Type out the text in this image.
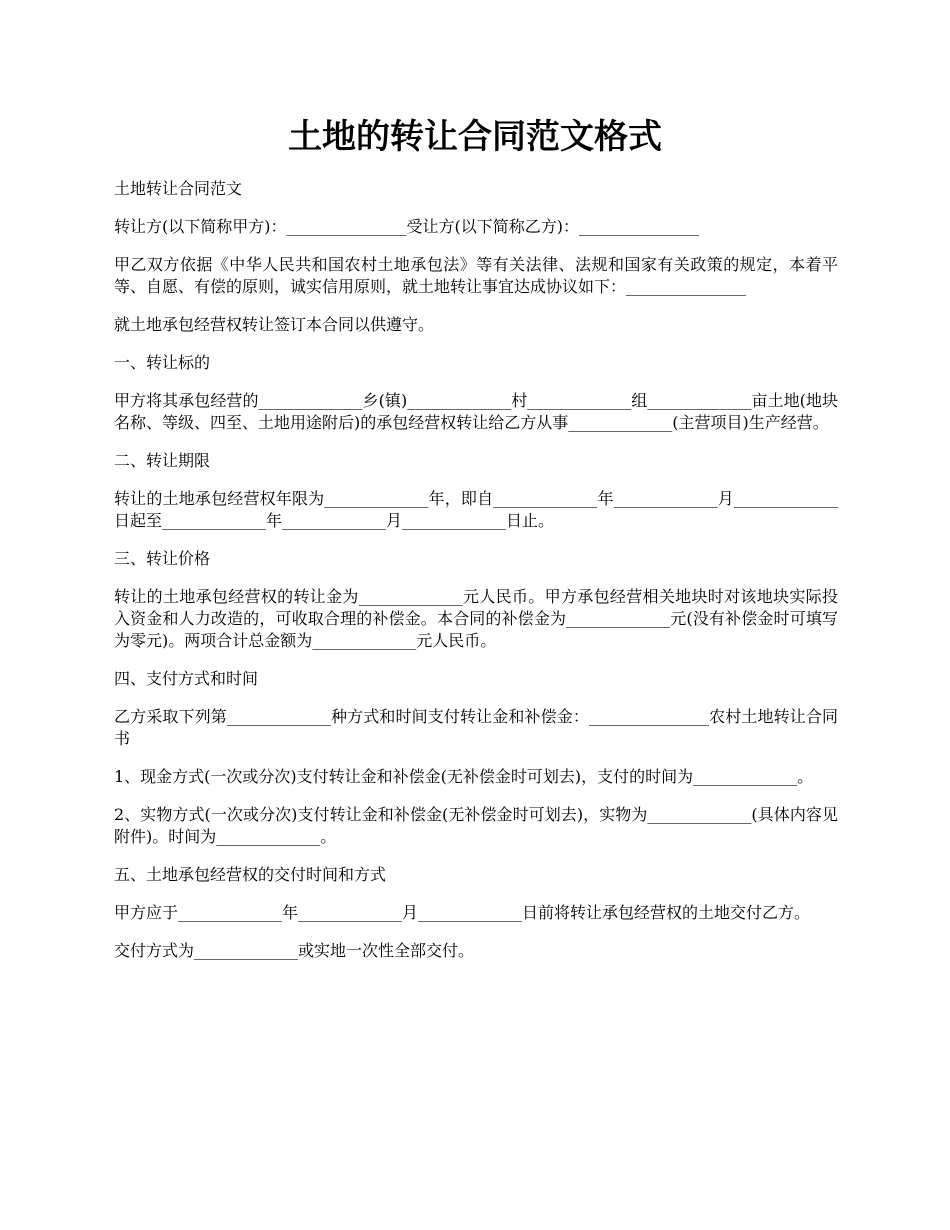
土地的转让合同范文格式

土地转让合同范文

转让方(以下简称甲方)：_______________受让方(以下简称乙方)：_______________

甲乙双方依据《中华人民共和国农村土地承包法》等有关法律、法规和国家有关政策的规定，本着平等、自愿、有偿的原则，诚实信用原则，就土地转让事宜达成协议如下：_______________

就土地承包经营权转让签订本合同以供遵守。

一、转让标的

甲方将其承包经营的_____________乡(镇)_____________村_____________组_____________亩土地(地块名称、等级、四至、土地用途附后)的承包经营权转让给乙方从事_____________(主营项目)生产经营。

二、转让期限

转让的土地承包经营权年限为_____________年，即自_____________年_____________月_____________日起至_____________年_____________月_____________日止。

三、转让价格

转让的土地承包经营权的转让金为_____________元人民币。甲方承包经营相关地块时对该地块实际投入资金和人力改造的，可收取合理的补偿金。本合同的补偿金为_____________元(没有补偿金时可填写为零元)。两项合计总金额为_____________元人民币。

四、支付方式和时间

乙方采取下列第_____________种方式和时间支付转让金和补偿金：_______________农村土地转让合同书

1、现金方式(一次或分次)支付转让金和补偿金(无补偿金时可划去)，支付的时间为_____________。

2、实物方式(一次或分次)支付转让金和补偿金(无补偿金时可划去)，实物为_____________(具体内容见附件)。时间为_____________。

五、土地承包经营权的交付时间和方式

甲方应于_____________年_____________月_____________日前将转让承包经营权的土地交付乙方。

交付方式为_____________或实地一次性全部交付。
